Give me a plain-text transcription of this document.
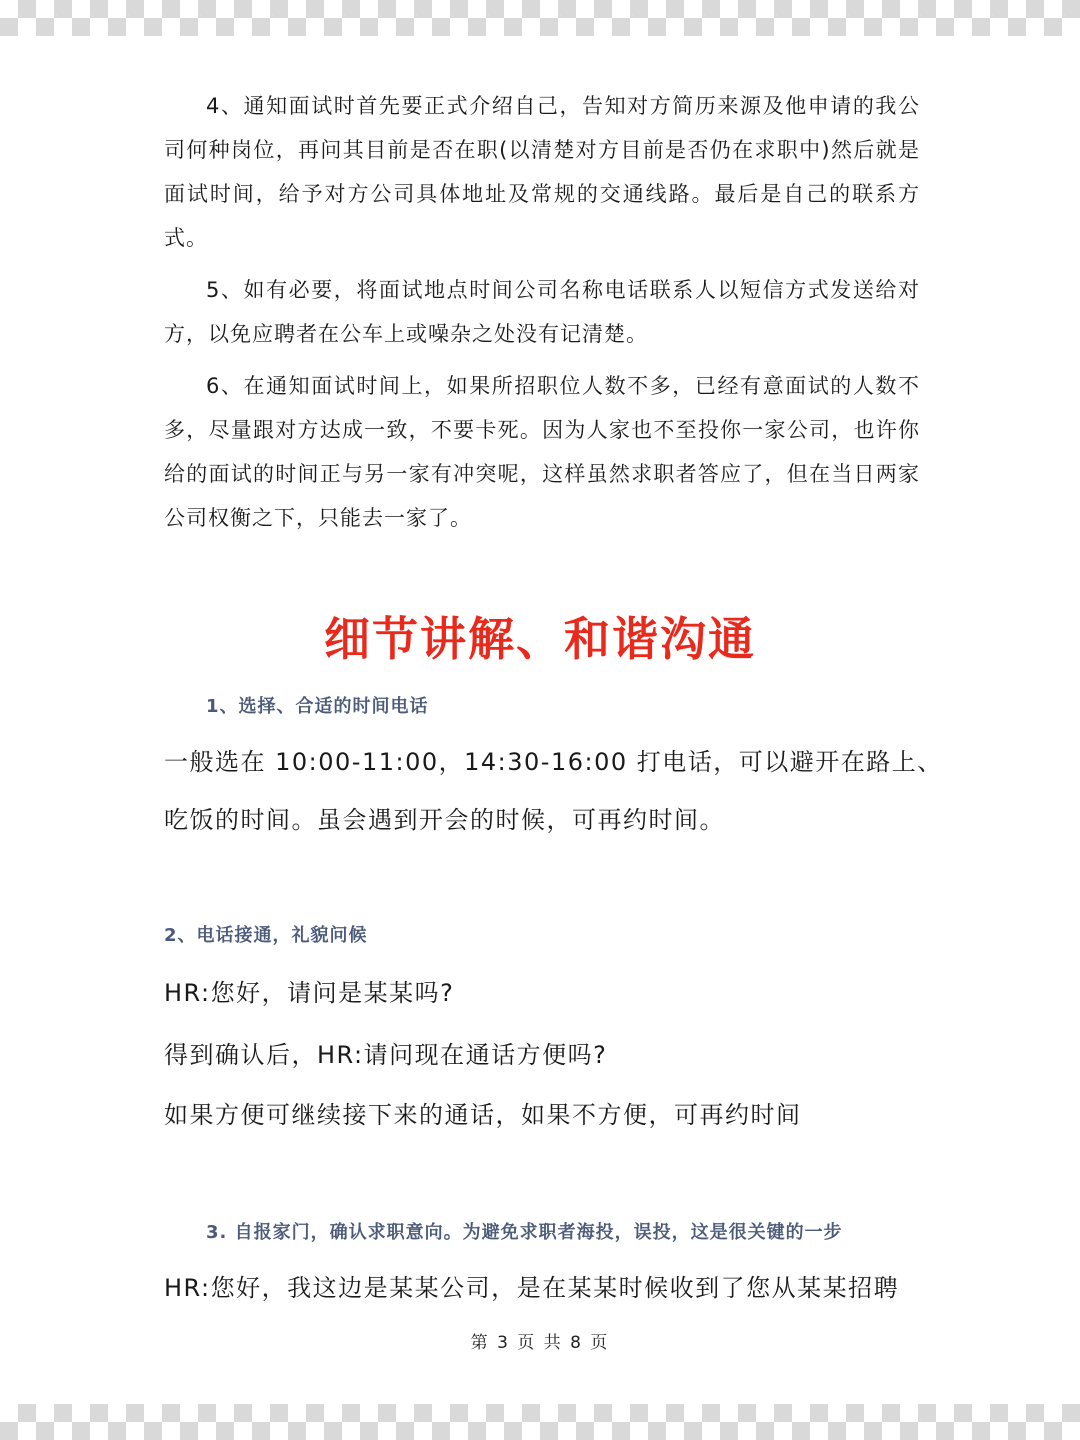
4、通知面试时首先要正式介绍自己，告知对方简历来源及他申请的我公司何种岗位，再问其目前是否在职(以清楚对方目前是否仍在求职中)然后就是面试时间，给予对方公司具体地址及常规的交通线路。最后是自己的联系方式。

5、如有必要，将面试地点时间公司名称电话联系人以短信方式发送给对方，以免应聘者在公车上或噪杂之处没有记清楚。

6、在通知面试时间上，如果所招职位人数不多，已经有意面试的人数不多，尽量跟对方达成一致，不要卡死。因为人家也不至投你一家公司，也许你给的面试的时间正与另一家有冲突呢，这样虽然求职者答应了，但在当日两家公司权衡之下，只能去一家了。

细节讲解、和谐沟通

1、选择、合适的时间电话

一般选在 10:00-11:00，14:30-16:00 打电话，可以避开在路上、

吃饭的时间。虽会遇到开会的时候，可再约时间。

2、电话接通，礼貌问候

HR:您好，请问是某某吗?

得到确认后，HR:请问现在通话方便吗?

如果方便可继续接下来的通话，如果不方便，可再约时间

3. 自报家门，确认求职意向。为避免求职者海投，误投，这是很关键的一步

HR:您好，我这边是某某公司，是在某某时候收到了您从某某招聘

第 3 页 共 8 页
